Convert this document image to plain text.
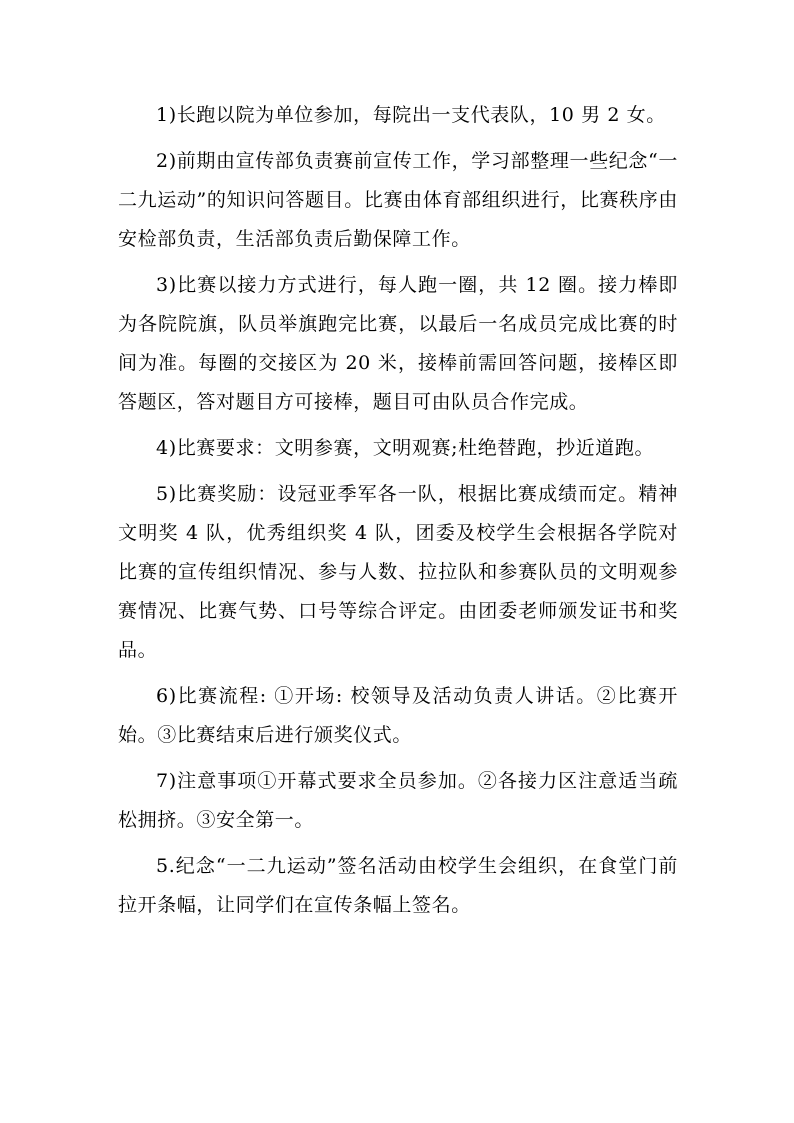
1)长跑以院为单位参加，每院出一支代表队，10 男 2 女。

2)前期由宣传部负责赛前宣传工作，学习部整理一些纪念“一二九运动”的知识问答题目。比赛由体育部组织进行，比赛秩序由安检部负责，生活部负责后勤保障工作。

3)比赛以接力方式进行，每人跑一圈，共 12 圈。接力棒即为各院院旗，队员举旗跑完比赛，以最后一名成员完成比赛的时间为准。每圈的交接区为 20 米，接棒前需回答问题，接棒区即答题区，答对题目方可接棒，题目可由队员合作完成。

4)比赛要求：文明参赛，文明观赛;杜绝替跑，抄近道跑。

5)比赛奖励：设冠亚季军各一队，根据比赛成绩而定。精神文明奖 4 队，优秀组织奖 4 队，团委及校学生会根据各学院对比赛的宣传组织情况、参与人数、拉拉队和参赛队员的文明观参赛情况、比赛气势、口号等综合评定。由团委老师颁发证书和奖品。

6)比赛流程: ①开场: 校领导及活动负责人讲话。②比赛开始。③比赛结束后进行颁奖仪式。

7)注意事项①开幕式要求全员参加。②各接力区注意适当疏松拥挤。③安全第一。

5.纪念“一二九运动”签名活动由校学生会组织，在食堂门前拉开条幅，让同学们在宣传条幅上签名。
